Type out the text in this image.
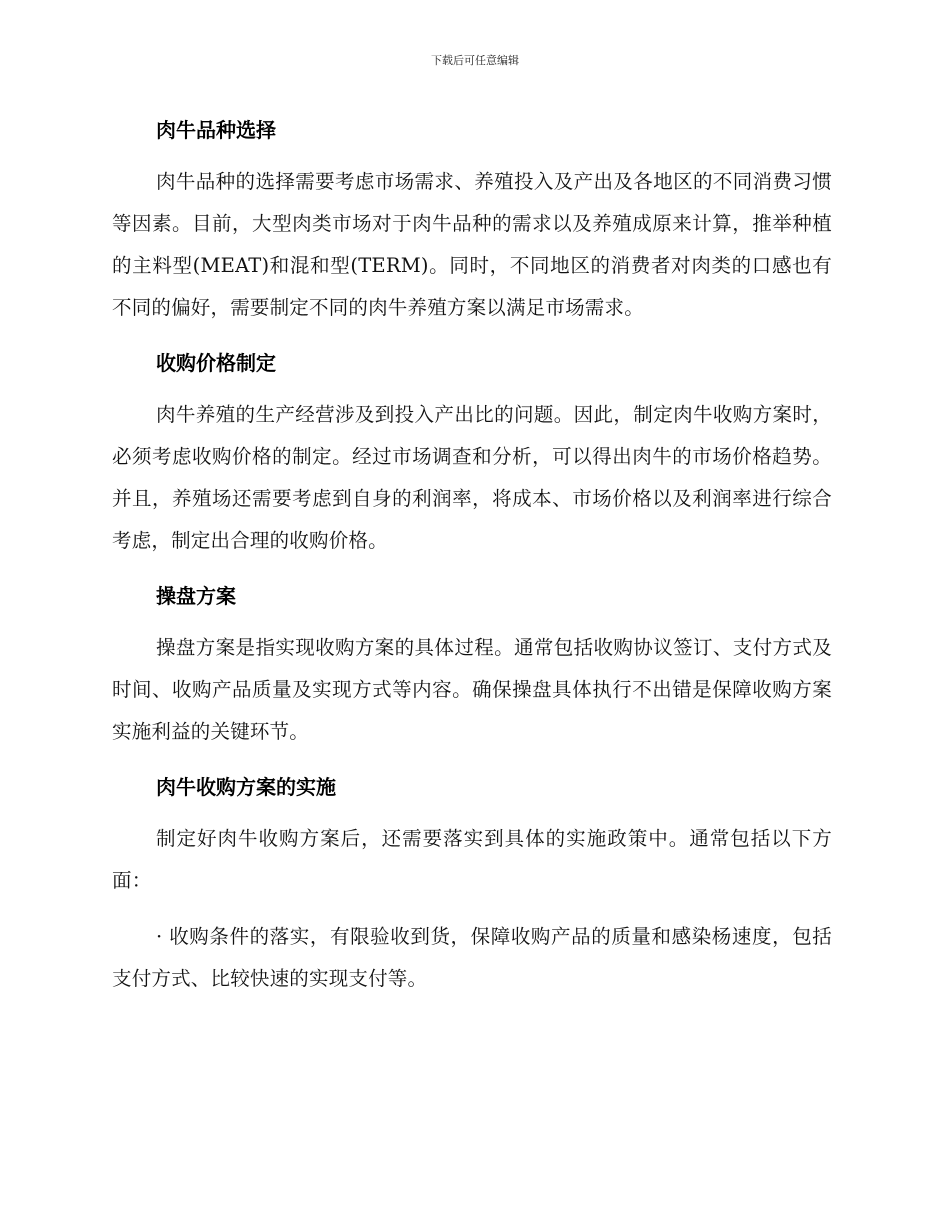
下载后可任意编辑
肉牛品种选择

肉牛品种的选择需要考虑市场需求、养殖投入及产出及各地区的不同消费习惯等因素。目前，大型肉类市场对于肉牛品种的需求以及养殖成原来计算，推举种植的主料型(MEAT)和混和型(TERM)。同时，不同地区的消费者对肉类的口感也有不同的偏好，需要制定不同的肉牛养殖方案以满足市场需求。

收购价格制定

肉牛养殖的生产经营涉及到投入产出比的问题。因此，制定肉牛收购方案时，必须考虑收购价格的制定。经过市场调查和分析，可以得出肉牛的市场价格趋势。并且，养殖场还需要考虑到自身的利润率，将成本、市场价格以及利润率进行综合考虑，制定出合理的收购价格。

操盘方案

操盘方案是指实现收购方案的具体过程。通常包括收购协议签订、支付方式及时间、收购产品质量及实现方式等内容。确保操盘具体执行不出错是保障收购方案实施利益的关键环节。

肉牛收购方案的实施

制定好肉牛收购方案后，还需要落实到具体的实施政策中。通常包括以下方面：

· 收购条件的落实，有限验收到货，保障收购产品的质量和感染杨速度，包括支付方式、比较快速的实现支付等。
